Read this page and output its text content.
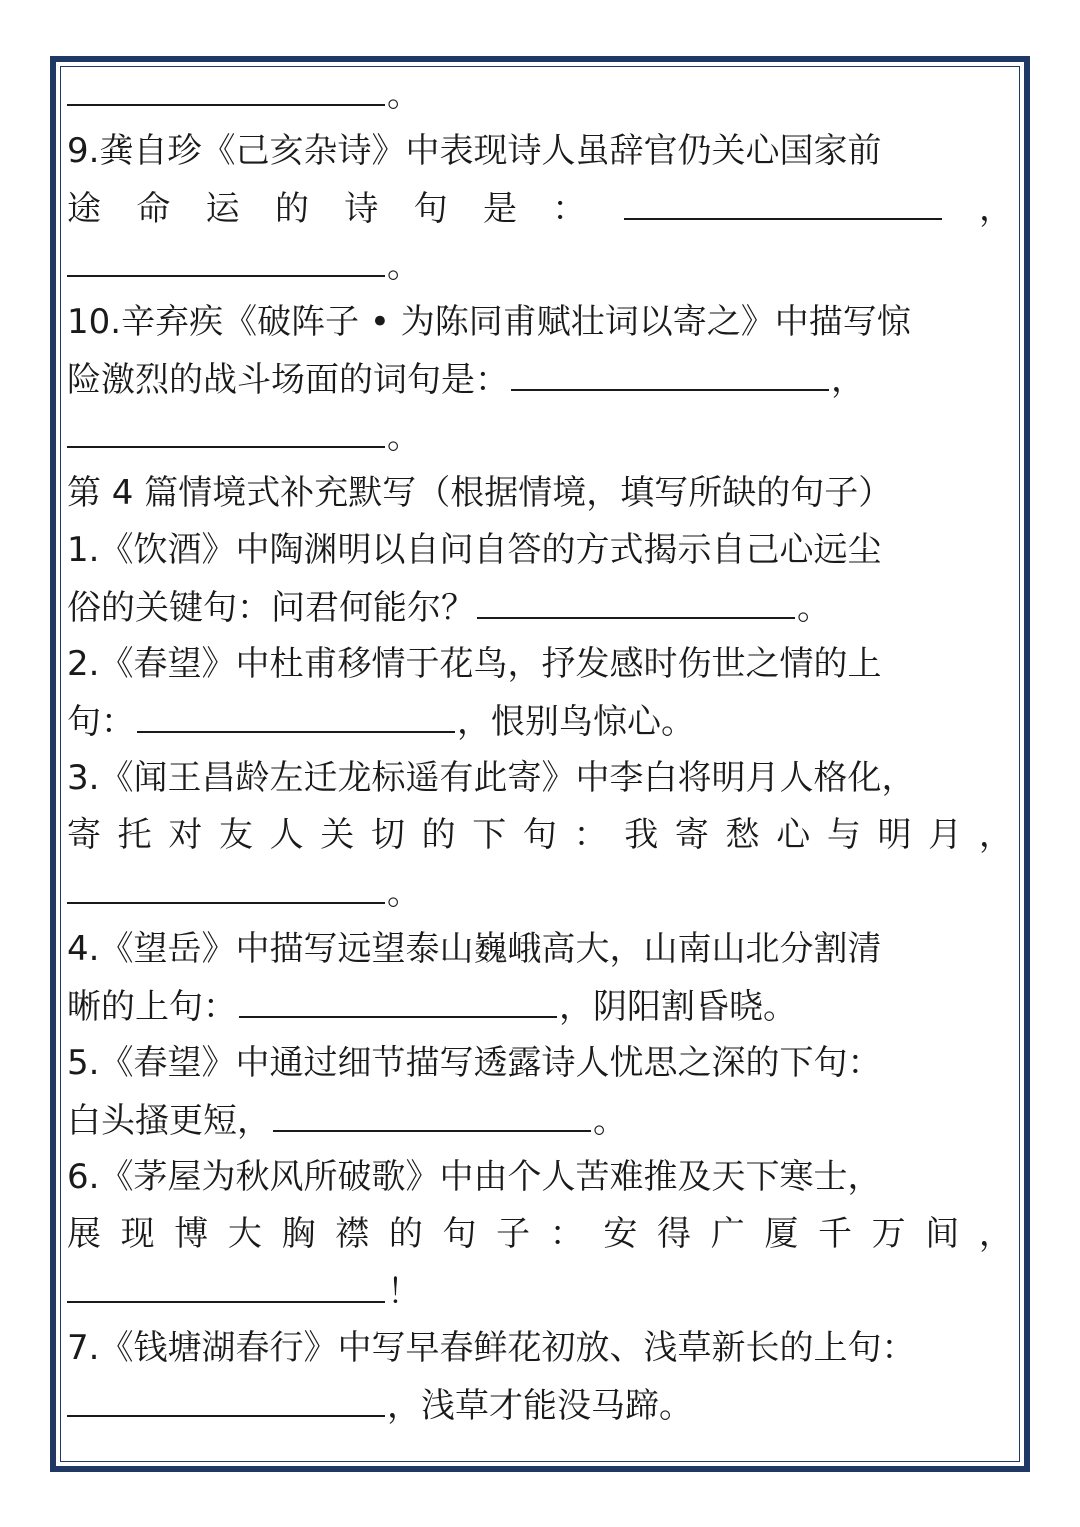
。
9.龚自珍《己亥杂诗》中表现诗人虽辞官仍关心国家前
途 命 运 的 诗 句 是 ：	，
。
10.辛弃疾《破阵子 • 为陈同甫赋壮词以寄之》中描写惊
险激烈的战斗场面的词句是：	，
。
第 4 篇情境式补充默写（根据情境，填写所缺的句子）
1.《饮酒》中陶渊明以自问自答的方式揭示自己心远尘
俗的关键句：问君何能尔？	。
2.《春望》中杜甫移情于花鸟，抒发感时伤世之情的上
句：	，恨别鸟惊心。
3.《闻王昌龄左迁龙标遥有此寄》中李白将明月人格化，
寄 托 对 友 人 关 切 的 下 句 ： 我 寄 愁 心 与 明 月 ，
。
4.《望岳》中描写远望泰山巍峨高大，山南山北分割清
晰的上句：	，阴阳割昏晓。
5.《春望》中通过细节描写透露诗人忧思之深的下句：
白头搔更短，	。
6.《茅屋为秋风所破歌》中由个人苦难推及天下寒士，
展 现 博 大 胸 襟 的 句 子 ： 安 得 广 厦 千 万 间 ，
！
7.《钱塘湖春行》中写早春鲜花初放、浅草新长的上句：
，浅草才能没马蹄。
